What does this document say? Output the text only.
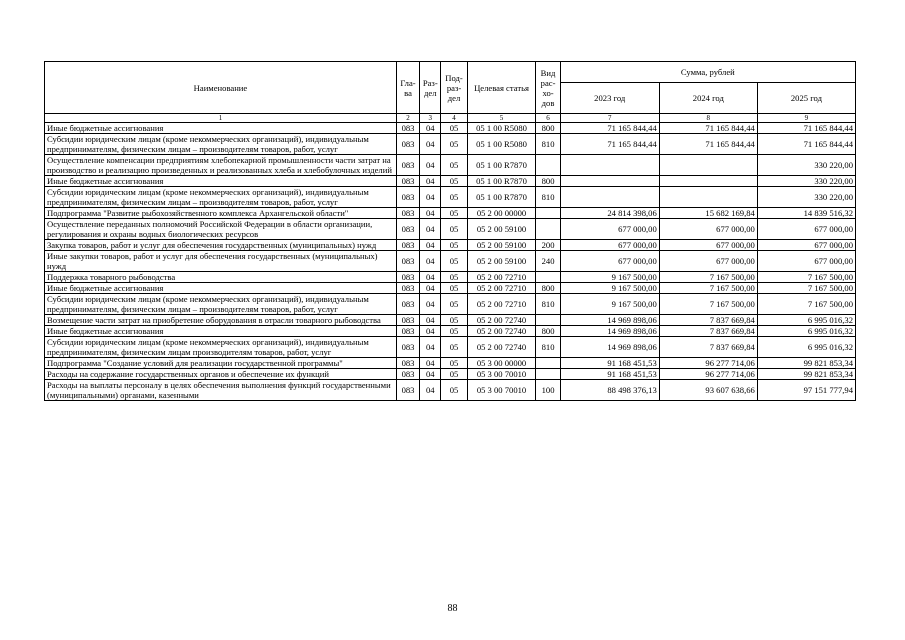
Наименование	Гла-ва	Раз-дел	Под-раз-дел	Целевая статья	Вид рас-хо-дов	Сумма, рублей		
						2023 год	2024 год	2025 год
1	2	3	4	5	6	7	8	9
Иные бюджетные ассигнования	083	04	05	05 1 00 R5080	800	71 165 844,44	71 165 844,44	71 165 844,44
Субсидии юридическим лицам (кроме некоммерческих организаций), индивидуальным предпринимателям, физическим лицам – производителям товаров, работ, услуг	083	04	05	05 1 00 R5080	810	71 165 844,44	71 165 844,44	71 165 844,44
Осуществление компенсации предприятиям хлебопекарной промышленности части затрат на производство и реализацию произведенных и реализованных хлеба и хлебобулочных изделий	083	04	05	05 1 00 R7870				330 220,00
Иные бюджетные ассигнования	083	04	05	05 1 00 R7870	800			330 220,00
Субсидии юридическим лицам (кроме некоммерческих организаций), индивидуальным предпринимателям, физическим лицам – производителям товаров, работ, услуг	083	04	05	05 1 00 R7870	810			330 220,00
Подпрограмма "Развитие рыбохозяйственного комплекса Архангельской области"	083	04	05	05 2 00 00000		24 814 398,06	15 682 169,84	14 839 516,32
Осуществление переданных полномочий Российской Федерации в области организации, регулирования и охраны водных биологических ресурсов	083	04	05	05 2 00 59100		677 000,00	677 000,00	677 000,00
Закупка товаров, работ и услуг для обеспечения государственных (муниципальных) нужд	083	04	05	05 2 00 59100	200	677 000,00	677 000,00	677 000,00
Иные закупки товаров, работ и услуг для обеспечения государственных (муниципальных) нужд	083	04	05	05 2 00 59100	240	677 000,00	677 000,00	677 000,00
Поддержка товарного рыбоводства	083	04	05	05 2 00 72710		9 167 500,00	7 167 500,00	7 167 500,00
Иные бюджетные ассигнования	083	04	05	05 2 00 72710	800	9 167 500,00	7 167 500,00	7 167 500,00
Субсидии юридическим лицам (кроме некоммерческих организаций), индивидуальным предпринимателям, физическим лицам – производителям товаров, работ, услуг	083	04	05	05 2 00 72710	810	9 167 500,00	7 167 500,00	7 167 500,00
Возмещение части затрат на приобретение оборудования в отрасли товарного рыбоводства	083	04	05	05 2 00 72740		14 969 898,06	7 837 669,84	6 995 016,32
Иные бюджетные ассигнования	083	04	05	05 2 00 72740	800	14 969 898,06	7 837 669,84	6 995 016,32
Субсидии юридическим лицам (кроме некоммерческих организаций), индивидуальным предпринимателям, физическим лицам производителям товаров, работ, услуг	083	04	05	05 2 00 72740	810	14 969 898,06	7 837 669,84	6 995 016,32
Подпрограмма "Создание условий для реализации государственной программы"	083	04	05	05 3 00 00000		91 168 451,53	96 277 714,06	99 821 853,34
Расходы на содержание государственных органов и обеспечение их функций	083	04	05	05 3 00 70010		91 168 451,53	96 277 714,06	99 821 853,34
Расходы на выплаты персоналу в целях обеспечения выполнения функций государственными (муниципальными) органами, казенными	083	04	05	05 3 00 70010	100	88 498 376,13	93 607 638,66	97 151 777,94
88
